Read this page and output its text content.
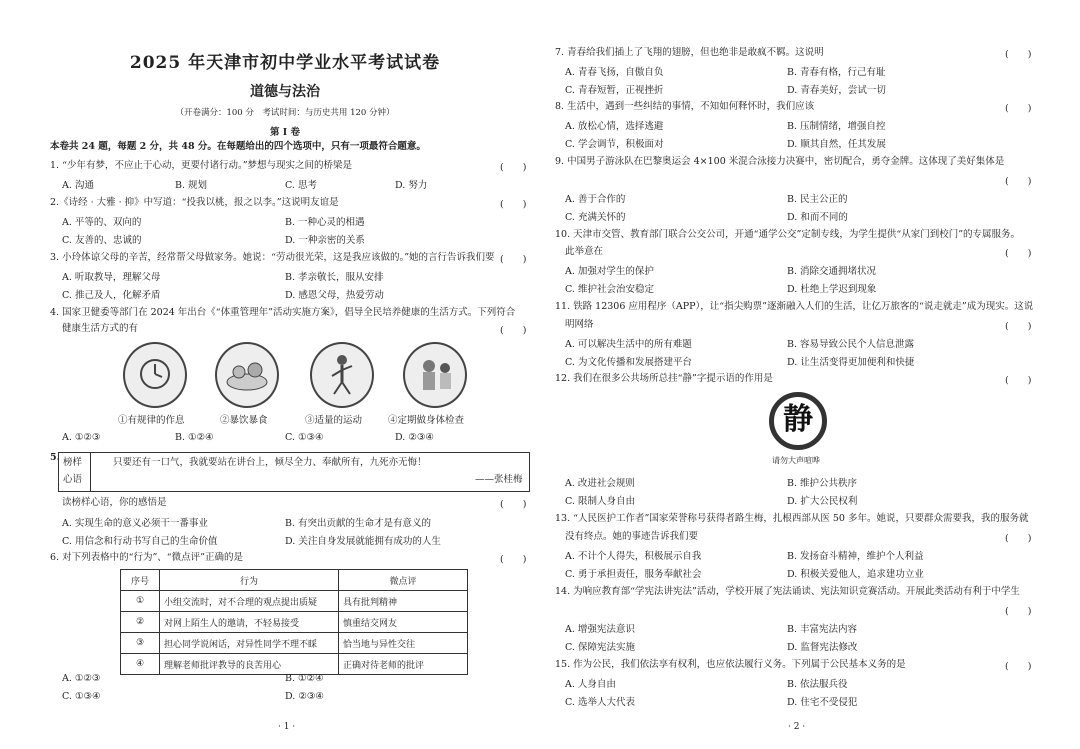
2025 年天津市初中学业水平考试试卷
道德与法治
（开卷满分：100 分　考试时间：与历史共用 120 分钟）
第 Ⅰ 卷
本卷共 24 题，每题 2 分，共 48 分。在每题给出的四个选项中，只有一项最符合题意。
1. “少年有梦，不应止于心动，更要付诸行动。”梦想与现实之间的桥梁是	(　　)
A. 沟通	B. 规划	C. 思考	D. 努力
2.《诗经 · 大雅 · 抑》中写道：“投我以桃，报之以李。”这说明友谊是	(　　)
A. 平等的、双向的	B. 一种心灵的相遇
C. 友善的、忠诚的	D. 一种亲密的关系
3. 小玲体谅父母的辛苦，经常帮父母做家务。她说：“劳动很光荣，这是我应该做的。”她的言行告诉我们要 (　　)
A. 听取教导，理解父母	B. 孝亲敬长，服从安排
C. 推己及人，化解矛盾	D. 感恩父母，热爱劳动
4. 国家卫健委等部门在 2024 年出台《“体重管理年”活动实施方案》，倡导全民培养健康的生活方式。下列符合
健康生活方式的有	(　　)
①有规律的作息	②暴饮暴食	③适量的运动	④定期做身体检查
A. ①②③	B. ①②④	C. ①③④	D. ②③④
5. 榜样
心语
只要还有一口气，我就要站在讲台上，倾尽全力、奉献所有，九死亦无悔！
——张桂梅
读榜样心语，你的感悟是	(　　)
A. 实现生命的意义必须干一番事业	B. 有突出贡献的生命才是有意义的
C. 用信念和行动书写自己的生命价值	D. 关注自身发展就能拥有成功的人生
6. 对下列表格中的“行为”、“微点评”正确的是	(　　)
序号	行为	微点评
①	小组交流时，对不合理的观点提出质疑	具有批判精神
②	对网上陌生人的邀请，不轻易接受	慎重结交网友
③	担心同学说闲话，对异性同学不理不睬	恰当地与异性交往
④	理解老师批评教导的良苦用心	正确对待老师的批评
A. ①②③	B. ①②④
C. ①③④	D. ②③④
· 1 ·
7. 青春给我们插上了飞翔的翅膀，但也绝非是敢疯不羁。这说明	(　　)
A. 青春飞扬，自傲自负	B. 青春有格，行己有耻
C. 青春短暂，正视挫折	D. 青春美好，尝试一切
8. 生活中，遇到一些纠结的事情，不知如何释怀时，我们应该	(　　)
A. 放松心情，选择逃避	B. 压制情绪，增强自控
C. 学会调节，积极面对	D. 顺其自然，任其发展
9. 中国男子游泳队在巴黎奥运会 4×100 米混合泳接力决赛中，密切配合，勇夺金牌。这体现了美好集体是
(　　)
A. 善于合作的	B. 民主公正的
C. 充满关怀的	D. 和而不同的
10. 天津市交管、教育部门联合公交公司，开通“通学公交”定制专线，为学生提供“从家门到校门”的专属服务。
此举意在	(　　)
A. 加强对学生的保护	B. 消除交通拥堵状况
C. 维护社会治安稳定	D. 杜绝上学迟到现象
11. 铁路 12306 应用程序（APP），让“指尖购票”逐渐融入人们的生活，让亿万旅客的“说走就走”成为现实。这说
明网络	(　　)
A. 可以解决生活中的所有难题	B. 容易导致公民个人信息泄露
C. 为文化传播和发展搭建平台	D. 让生活变得更加便利和快捷
12. 我们在很多公共场所总挂“静”字提示语的作用是	(　　)
静
请勿大声喧哗
A. 改进社会规则	B. 维护公共秩序
C. 限制人身自由	D. 扩大公民权利
13. “人民医护工作者”国家荣誉称号获得者路生梅，扎根西部从医 50 多年。她说，只要群众需要我，我的服务就
没有终点。她的事迹告诉我们要	(　　)
A. 不计个人得失，积极展示自我	B. 发扬奋斗精神，维护个人利益
C. 勇于承担责任，服务奉献社会	D. 积极关爱他人，追求建功立业
14. 为响应教育部“学宪法讲宪法”活动，学校开展了宪法诵读、宪法知识竞赛活动。开展此类活动有利于中学生
(　　)
A. 增强宪法意识	B. 丰富宪法内容
C. 保障宪法实施	D. 监督宪法修改
15. 作为公民，我们依法享有权利，也应依法履行义务。下列属于公民基本义务的是	(　　)
A. 人身自由	B. 依法服兵役
C. 选举人大代表	D. 住宅不受侵犯
· 2 ·
